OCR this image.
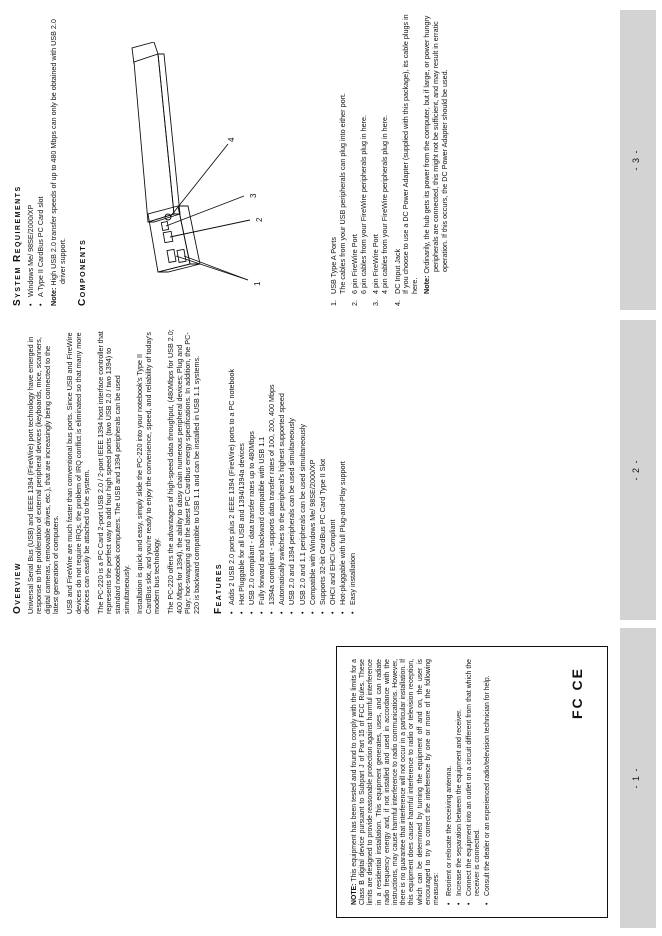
NOTE: This equipment has been tested and found to comply with the limits for a Class B digital device pursuant to Subpart J of Part 15 of FCC Rules. These limits are designed to provide reasonable protection against harmful interference in a residential installation. This equipment generates, uses, and can radiate radio frequency energy and, if not installed and used in accordance with the instructions, may cause harmful interference to radio communications. However, there is no guarantee that interference will not occur in a particular installation. If this equipment does cause harmful interference to radio or television reception, which can be determined by turning the equipment off and on, the user is encouraged to try to correct the interference by one or more of the following measures: • Reorient or relocate the receiving antenna. • Increase the separation between the equipment and receiver. • Connect the equipment into an outlet on a circuit different from that which the receiver is connected. • Consult the dealer or an experienced radio/television technician for help.	FC CE
- 1 -
Overview Universal Serial Bus (USB) and IEEE 1394 (FireWire) port technology have emerged in response to the proliferation of external peripheral devices (keyboards, mice, scanners, digital cameras, removable drives, etc.), that are increasingly being connected to the latest generation of computers. USB and FireWire are much faster than conventional bus ports. Since USB and FireWire devices do not require IRQs, the problem of IRQ conflict is eliminated so that many more devices can easily be attached to the system. The PC-220 is a PC Card 2-port USB 2.0 / 2-port IEEE 1394 host interface controller that represents the perfect way to add four high speed ports (two USB 2.0 / two 1394) to standard notebook computers. The USB and 1394 peripherals can be used simultaneously. Installation is quick and easy, simply slide the PC-220 into your notebook's Type II CardBus slot, and you're ready to enjoy the convenience, speed, and reliability of today's modern bus technology. The PC-220 offers the advantages of high-speed data throughput, (480Mbps for USB 2.0; 400 Mbps for 1394), the ability to daisy chain numerous peripheral devices; Plug and Play; hot-swapping and the latest PC Cardbus energy specifications. In addition, the PC-220 is backward compatible to USB 1.1 and can be installed in USB 1.1 systems. Features • Adds 2 USB 2.0 ports plus 2 IEEE 1394 (FireWire) ports to a PC notebook • Hot Pluggable for all USB and 1394/1394a devices • USB 2.0 compliant - data transfer rates up to 480Mbps • Fully forward and backward compatible with USB 1.1 • 1394a compliant - supports data transfer rates of 100, 200, 400 Mbps • Automatically switches to the peripheral's highest supported speed • USB 2.0 and 1394 peripherals can be used simultaneously • USB 2.0 and 1.1 peripherals can be used simultaneously • Compatible with Windows Me/ 98SE/2000/XP • Supports 32-bit CardBus PC Card Type II Slot • OHCI and EHCI Compliant • Hot-pluggable with full Plug-and-Play support • Easy installation
- 2 -
System Requirements • Windows Me/ 98SE/2000/XP • A Type II CardBus PC Card slot Note: High USB 2.0 transfer speeds of up to 480 Mbps can only be obtained with USB 2.0 driver support. Components	1
2
3
4
1. USB Type A Ports
The cables from your USB peripherals can plug into either port. 2. 6 pin FireWire Port
6 pin cables from your FireWire peripherals plug in here. 3. 4 pin FireWire Port
4 pin cables from your FireWire peripherals plug in here. 4. DC Input Jack
If you choose to use a DC Power Adapter (supplied with this package), its cable plugs in here. Note: Ordinarily, the hub gets its power from the computer, but if large, or power hungry peripherals are connected, this might not be sufficient, and may result in erratic operation. If this occurs, the DC Power Adapter should be used.	- 3 -
